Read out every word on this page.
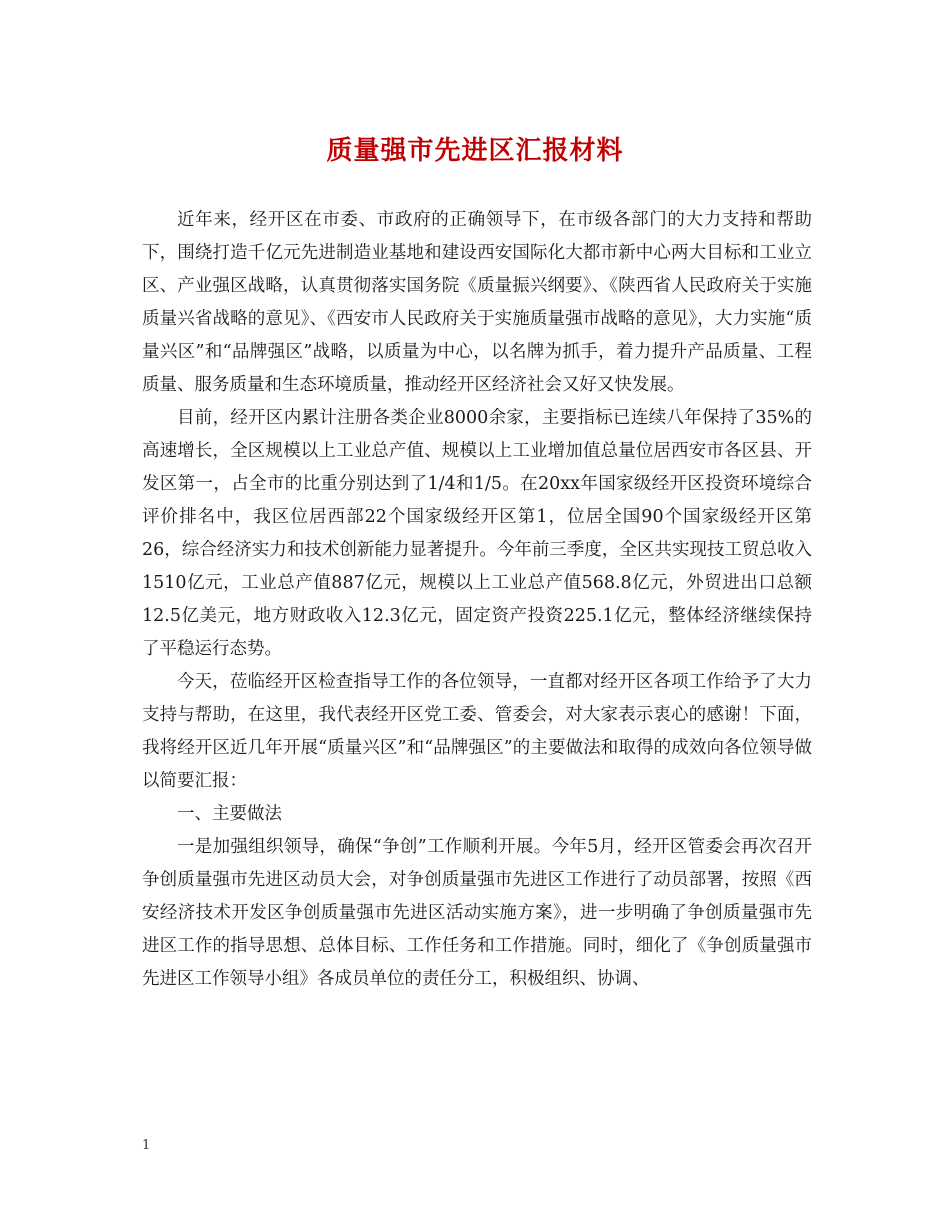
质量强市先进区汇报材料

近年来，经开区在市委、市政府的正确领导下，在市级各部门的大力支持和帮助下，围绕打造千亿元先进制造业基地和建设西安国际化大都市新中心两大目标和工业立区、产业强区战略，认真贯彻落实国务院《质量振兴纲要》、《陕西省人民政府关于实施质量兴省战略的意见》、《西安市人民政府关于实施质量强市战略的意见》，大力实施“质量兴区”和“品牌强区”战略，以质量为中心，以名牌为抓手，着力提升产品质量、工程质量、服务质量和生态环境质量，推动经开区经济社会又好又快发展。

目前，经开区内累计注册各类企业8000余家，主要指标已连续八年保持了35%的高速增长，全区规模以上工业总产值、规模以上工业增加值总量位居西安市各区县、开发区第一，占全市的比重分别达到了1/4和1/5。在20xx年国家级经开区投资环境综合评价排名中，我区位居西部22个国家级经开区第1，位居全国90个国家级经开区第26，综合经济实力和技术创新能力显著提升。今年前三季度，全区共实现技工贸总收入1510亿元，工业总产值887亿元，规模以上工业总产值568.8亿元，外贸进出口总额12.5亿美元，地方财政收入12.3亿元，固定资产投资225.1亿元，整体经济继续保持了平稳运行态势。

今天，莅临经开区检查指导工作的各位领导，一直都对经开区各项工作给予了大力支持与帮助，在这里，我代表经开区党工委、管委会，对大家表示衷心的感谢！下面，我将经开区近几年开展“质量兴区”和“品牌强区”的主要做法和取得的成效向各位领导做以简要汇报：

一、主要做法

一是加强组织领导，确保“争创”工作顺利开展。今年5月，经开区管委会再次召开争创质量强市先进区动员大会，对争创质量强市先进区工作进行了动员部署，按照《西安经济技术开发区争创质量强市先进区活动实施方案》，进一步明确了争创质量强市先进区工作的指导思想、总体目标、工作任务和工作措施。同时，细化了《争创质量强市先进区工作领导小组》各成员单位的责任分工，积极组织、协调、

1
